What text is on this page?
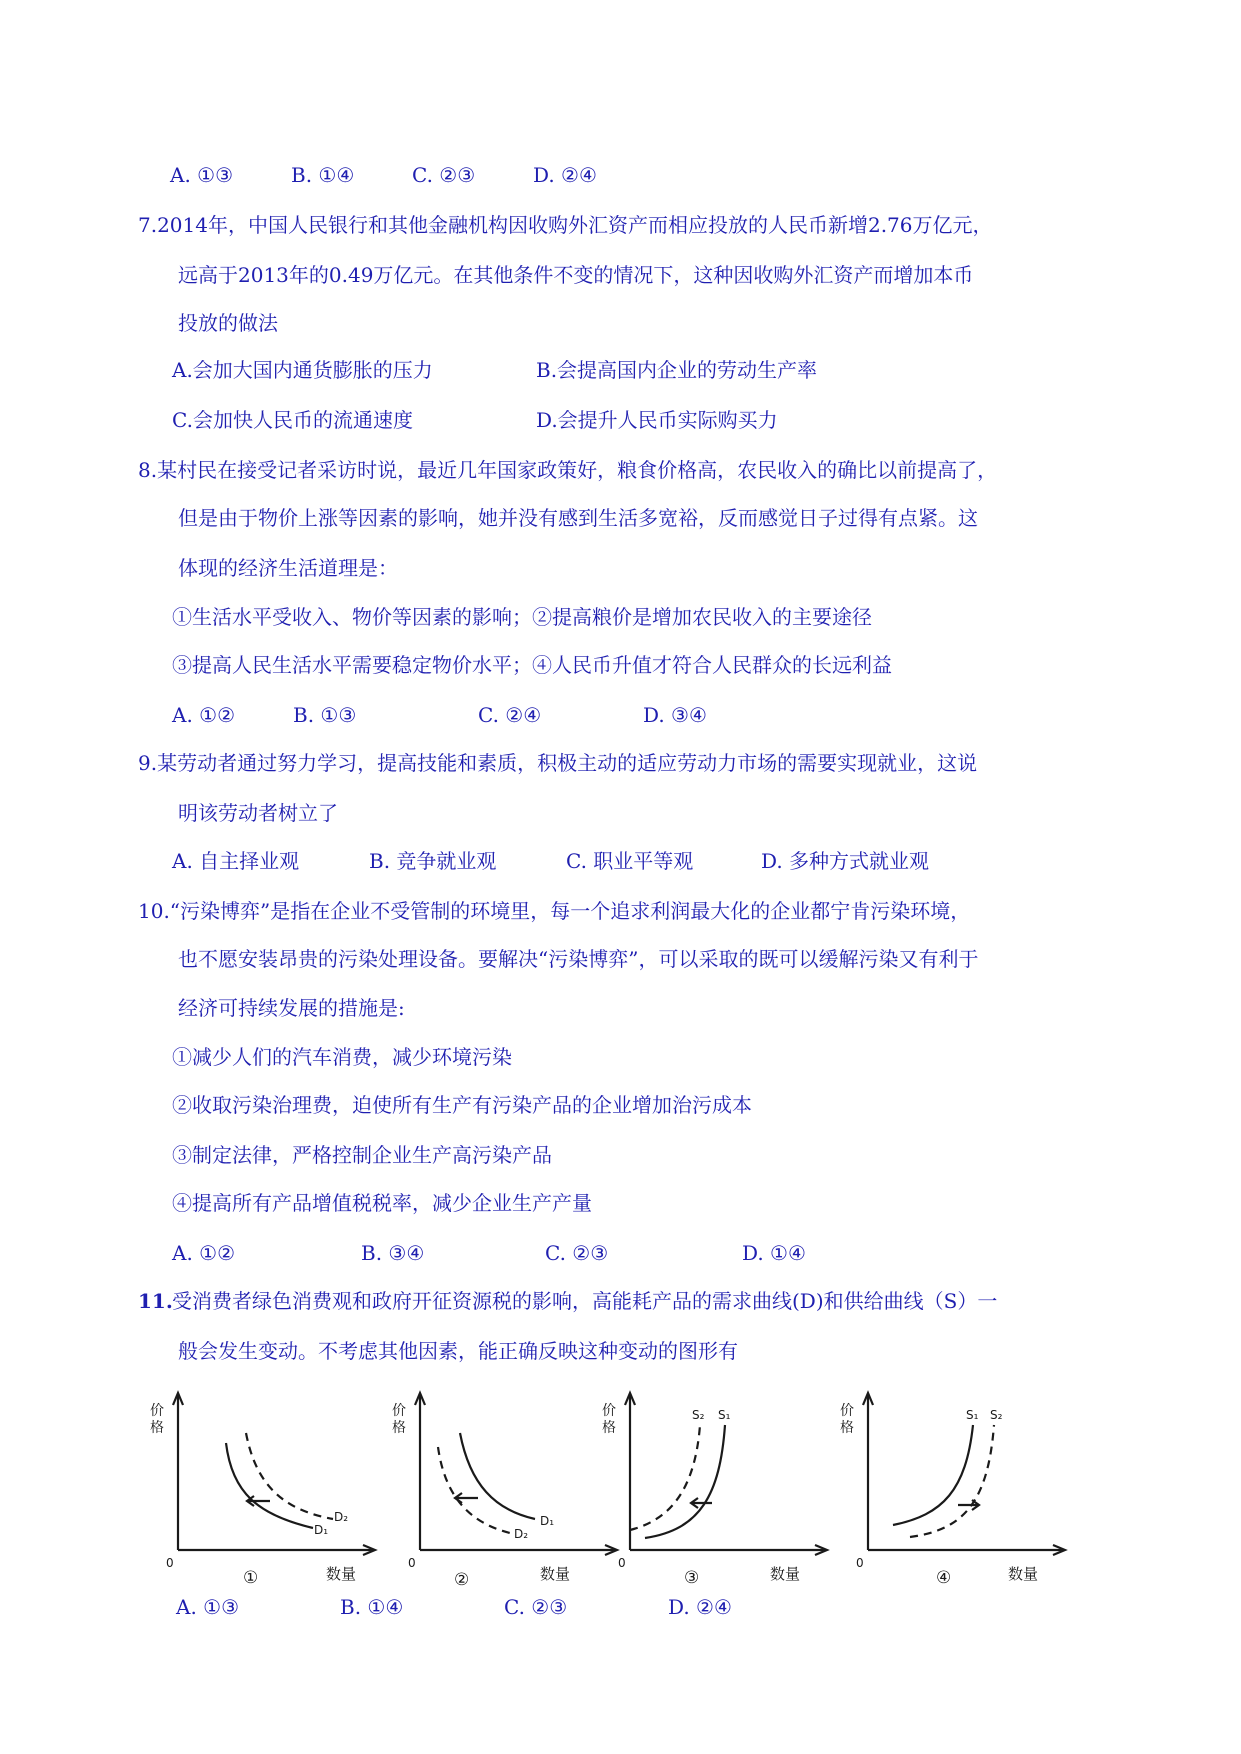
A. ①③	B. ①④	C. ②③	D. ②④
7.2014年，中国人民银行和其他金融机构因收购外汇资产而相应投放的人民币新增2.76万亿元，
远高于2013年的0.49万亿元。在其他条件不变的情况下，这种因收购外汇资产而增加本币
投放的做法
A.会加大国内通货膨胀的压力	B.会提高国内企业的劳动生产率
C.会加快人民币的流通速度	D.会提升人民币实际购买力
8.某村民在接受记者采访时说，最近几年国家政策好，粮食价格高，农民收入的确比以前提高了，
但是由于物价上涨等因素的影响，她并没有感到生活多宽裕，反而感觉日子过得有点紧。这
体现的经济生活道理是：
①生活水平受收入、物价等因素的影响；②提高粮价是增加农民收入的主要途径
③提高人民生活水平需要稳定物价水平；④人民币升值才符合人民群众的长远利益
A. ①②	B. ①③	C. ②④	D. ③④
9.某劳动者通过努力学习，提高技能和素质，积极主动的适应劳动力市场的需要实现就业，这说
明该劳动者树立了
A. 自主择业观	B. 竞争就业观	C. 职业平等观	D. 多种方式就业观
10.“污染博弈”是指在企业不受管制的环境里，每一个追求利润最大化的企业都宁肯污染环境，
也不愿安装昂贵的污染处理设备。要解决“污染博弈”，可以采取的既可以缓解污染又有利于
经济可持续发展的措施是:
①减少人们的汽车消费，减少环境污染
②收取污染治理费，迫使所有生产有污染产品的企业增加治污成本
③制定法律，严格控制企业生产高污染产品
④提高所有产品增值税税率，减少企业生产产量
A. ①②	B. ③④	C. ②③	D. ①④
11. 受消费者绿色消费观和政府开征资源税的影响，高能耗产品的需求曲线(D)和供给曲线（S）一
般会发生变动。不考虑其他因素，能正确反映这种变动的图形有
价
格
0
数量
①
D₂
D₁
价
格
0
数量
②
D₁
D₂
价
格
0
数量
③
S₂ S₁	价
格
0
数量
④
S₁ S₂
A. ①③	B. ①④	C. ②③	D. ②④
